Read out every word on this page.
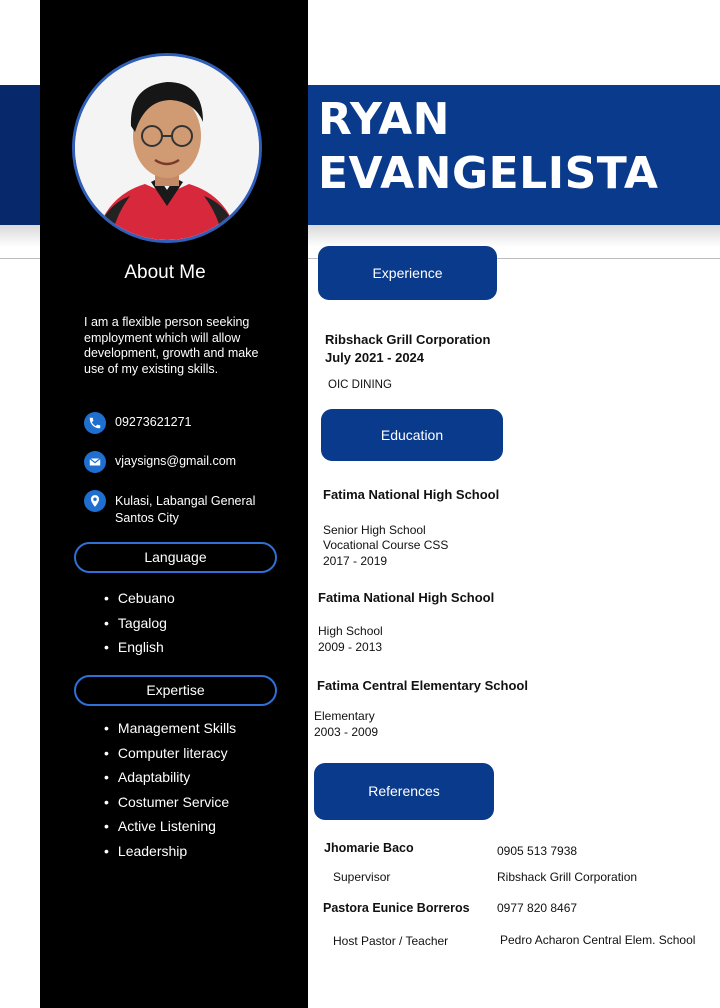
RYAN
EVANGELISTA
About Me
I am a flexible person seeking employment which will allow development, growth and make use of my existing skills.
09273621271
vjaysigns@gmail.com
Kulasi, Labangal General
Santos City
Language
• Cebuano
• Tagalog
• English
Expertise
• Management Skills
• Computer literacy
• Adaptability
• Costumer Service
• Active Listening
• Leadership
Experience
Ribshack Grill Corporation
July 2021 - 2024
OIC DINING
Education
Fatima National High School
Senior High School
Vocational Course CSS
2017 - 2019
Fatima National High School
High School
2009 - 2013
Fatima Central Elementary School
Elementary
2003 - 2009
References
Jhomarie Baco	0905 513 7938
Supervisor	Ribshack Grill Corporation
Pastora Eunice Borreros 0977 820 8467
Host Pastor / Teacher	Pedro Acharon Central Elem. School
